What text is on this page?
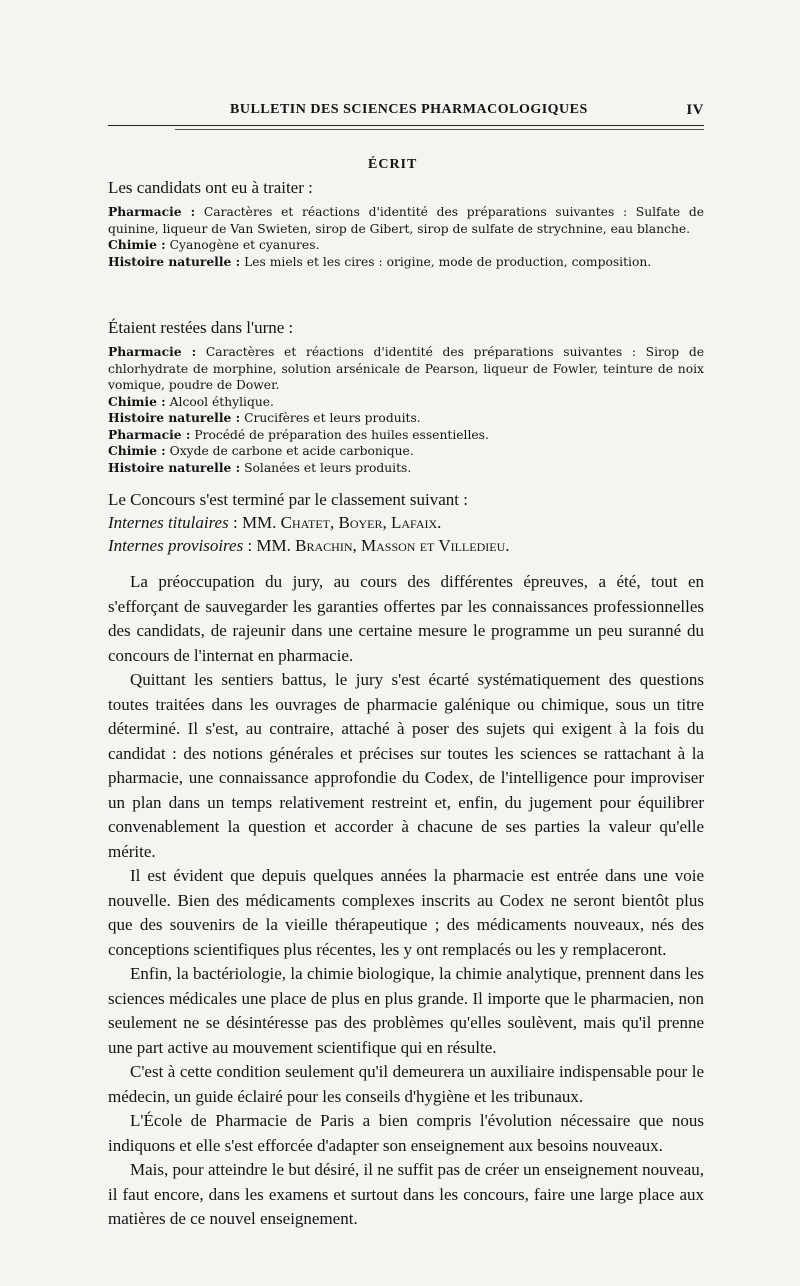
BULLETIN DES SCIENCES PHARMACOLOGIQUES	IV
ÉCRIT
Les candidats ont eu à traiter :

Pharmacie : Caractères et réactions d'identité des préparations suivantes : Sulfate de quinine, liqueur de Van Swieten, sirop de Gibert, sirop de sulfate de strychnine, eau blanche.

Chimie : Cyanogène et cyanures.

Histoire naturelle : Les miels et les cires : origine, mode de production, composition.

Étaient restées dans l'urne :

Pharmacie : Caractères et réactions d'identité des préparations suivantes : Sirop de chlorhydrate de morphine, solution arsénicale de Pearson, liqueur de Fowler, teinture de noix vomique, poudre de Dower.

Chimie : Alcool éthylique.

Histoire naturelle : Crucifères et leurs produits.

Pharmacie : Procédé de préparation des huiles essentielles.

Chimie : Oxyde de carbone et acide carbonique.

Histoire naturelle : Solanées et leurs produits.

Le Concours s'est terminé par le classement suivant :
Internes titulaires : MM. Chatet, Boyer, Lafaix.
Internes provisoires : MM. Brachin, Masson et Villedieu.

La préoccupation du jury, au cours des différentes épreuves, a été, tout en s'efforçant de sauvegarder les garanties offertes par les connaissances professionnelles des candidats, de rajeunir dans une certaine mesure le programme un peu suranné du concours de l'internat en pharmacie.

Quittant les sentiers battus, le jury s'est écarté systématiquement des questions toutes traitées dans les ouvrages de pharmacie galénique ou chimique, sous un titre déterminé. Il s'est, au contraire, attaché à poser des sujets qui exigent à la fois du candidat : des notions générales et précises sur toutes les sciences se rattachant à la pharmacie, une connaissance approfondie du Codex, de l'intelligence pour improviser un plan dans un temps relativement restreint et, enfin, du jugement pour équilibrer convenablement la question et accorder à chacune de ses parties la valeur qu'elle mérite.

Il est évident que depuis quelques années la pharmacie est entrée dans une voie nouvelle. Bien des médicaments complexes inscrits au Codex ne seront bientôt plus que des souvenirs de la vieille thérapeutique ; des médicaments nouveaux, nés des conceptions scientifiques plus récentes, les y ont remplacés ou les y remplaceront.

Enfin, la bactériologie, la chimie biologique, la chimie analytique, prennent dans les sciences médicales une place de plus en plus grande. Il importe que le pharmacien, non seulement ne se désintéresse pas des problèmes qu'elles soulèvent, mais qu'il prenne une part active au mouvement scientifique qui en résulte.

C'est à cette condition seulement qu'il demeurera un auxiliaire indispensable pour le médecin, un guide éclairé pour les conseils d'hygiène et les tribunaux.

L'École de Pharmacie de Paris a bien compris l'évolution nécessaire que nous indiquons et elle s'est efforcée d'adapter son enseignement aux besoins nouveaux.

Mais, pour atteindre le but désiré, il ne suffit pas de créer un enseignement nouveau, il faut encore, dans les examens et surtout dans les concours, faire une large place aux matières de ce nouvel enseignement.
